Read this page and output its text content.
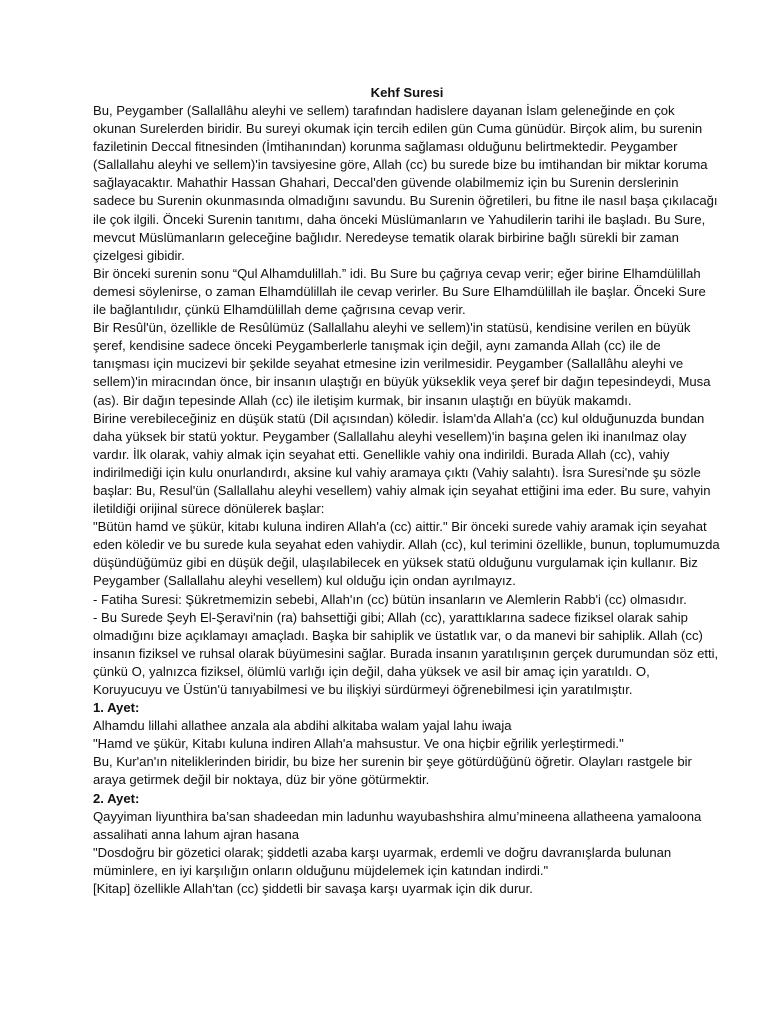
Kehf Suresi

Bu, Peygamber (Sallallâhu aleyhi ve sellem) tarafından hadislere dayanan İslam geleneğinde en çok okunan Surelerden biridir. Bu sureyi okumak için tercih edilen gün Cuma günüdür. Birçok alim, bu surenin faziletinin Deccal fitnesinden (İmtihanından) korunma sağlaması olduğunu belirtmektedir. Peygamber (Sallallahu aleyhi ve sellem)'in tavsiyesine göre, Allah (cc) bu surede bize bu imtihandan bir miktar koruma sağlayacaktır. Mahathir Hassan Ghahari, Deccal'den güvende olabilmemiz için bu Surenin derslerinin sadece bu Surenin okunmasında olmadığını savundu. Bu Surenin öğretileri, bu fitne ile nasıl başa çıkılacağı ile çok ilgili. Önceki Surenin tanıtımı, daha önceki Müslümanların ve Yahudilerin tarihi ile başladı. Bu Sure, mevcut Müslümanların geleceğine bağlıdır. Neredeyse tematik olarak birbirine bağlı sürekli bir zaman çizelgesi gibidir.

Bir önceki surenin sonu “Qul Alhamdulillah.” idi. Bu Sure bu çağrıya cevap verir; eğer birine Elhamdülillah demesi söylenirse, o zaman Elhamdülillah ile cevap verirler. Bu Sure Elhamdülillah ile başlar. Önceki Sure ile bağlantılıdır, çünkü Elhamdülillah deme çağrısına cevap verir.

Bir Resûl'ün, özellikle de Resûlümüz (Sallallahu aleyhi ve sellem)'in statüsü, kendisine verilen en büyük şeref, kendisine sadece önceki Peygamberlerle tanışmak için değil, aynı zamanda Allah (cc) ile de tanışması için mucizevi bir şekilde seyahat etmesine izin verilmesidir. Peygamber (Sallallâhu aleyhi ve sellem)'in miracından önce, bir insanın ulaştığı en büyük yükseklik veya şeref bir dağın tepesindeydi, Musa (as). Bir dağın tepesinde Allah (cc) ile iletişim kurmak, bir insanın ulaştığı en büyük makamdı.

Birine verebileceğiniz en düşük statü (Dil açısından) köledir. İslam'da Allah'a (cc) kul olduğunuzda bundan daha yüksek bir statü yoktur. Peygamber (Sallallahu aleyhi vesellem)'in başına gelen iki inanılmaz olay vardır. İlk olarak, vahiy almak için seyahat etti. Genellikle vahiy ona indirildi. Burada Allah (cc), vahiy indirilmediği için kulu onurlandırdı, aksine kul vahiy aramaya çıktı (Vahiy salahtı). İsra Suresi'nde şu sözle başlar: Bu, Resul'ün (Sallallahu aleyhi vesellem) vahiy almak için seyahat ettiğini ima eder. Bu sure, vahyin iletildiği orijinal sürece dönülerek başlar:

"Bütün hamd ve şükür, kitabı kuluna indiren Allah'a (cc) aittir." Bir önceki surede vahiy aramak için seyahat eden köledir ve bu surede kula seyahat eden vahiydir. Allah (cc), kul terimini özellikle, bunun, toplumumuzda düşündüğümüz gibi en düşük değil, ulaşılabilecek en yüksek statü olduğunu vurgulamak için kullanır. Biz Peygamber (Sallallahu aleyhi vesellem) kul olduğu için ondan ayrılmayız.

- Fatiha Suresi: Şükretmemizin sebebi, Allah'ın (cc) bütün insanların ve Alemlerin Rabb'i (cc) olmasıdır.

- Bu Surede Şeyh El-Şeravi'nin (ra) bahsettiği gibi; Allah (cc), yarattıklarına sadece fiziksel olarak sahip olmadığını bize açıklamayı amaçladı. Başka bir sahiplik ve üstatlık var, o da manevi bir sahiplik. Allah (cc) insanın fiziksel ve ruhsal olarak büyümesini sağlar. Burada insanın yaratılışının gerçek durumundan söz etti, çünkü O, yalnızca fiziksel, ölümlü varlığı için değil, daha yüksek ve asil bir amaç için yaratıldı. O, Koruyucuyu ve Üstün'ü tanıyabilmesi ve bu ilişkiyi sürdürmeyi öğrenebilmesi için yaratılmıştır.

1. Ayet:

Alhamdu lillahi allathee anzala ala abdihi alkitaba walam yajal lahu iwaja

"Hamd ve şükür, Kitabı kuluna indiren Allah'a mahsustur. Ve ona hiçbir eğrilik yerleştirmedi."

Bu, Kur'an'ın niteliklerinden biridir, bu bize her surenin bir şeye götürdüğünü öğretir. Olayları rastgele bir araya getirmek değil bir noktaya, düz bir yöne götürmektir.

2. Ayet:

Qayyiman liyunthira ba’san shadeedan min ladunhu wayubashshira almu’mineena allatheena yamaloona assalihati anna lahum ajran hasana

"Dosdoğru bir gözetici olarak; şiddetli azaba karşı uyarmak, erdemli ve doğru davranışlarda bulunan müminlere, en iyi karşılığın onların olduğunu müjdelemek için katından indirdi."

[Kitap] özellikle Allah'tan (cc) şiddetli bir savaşa karşı uyarmak için dik durur.
